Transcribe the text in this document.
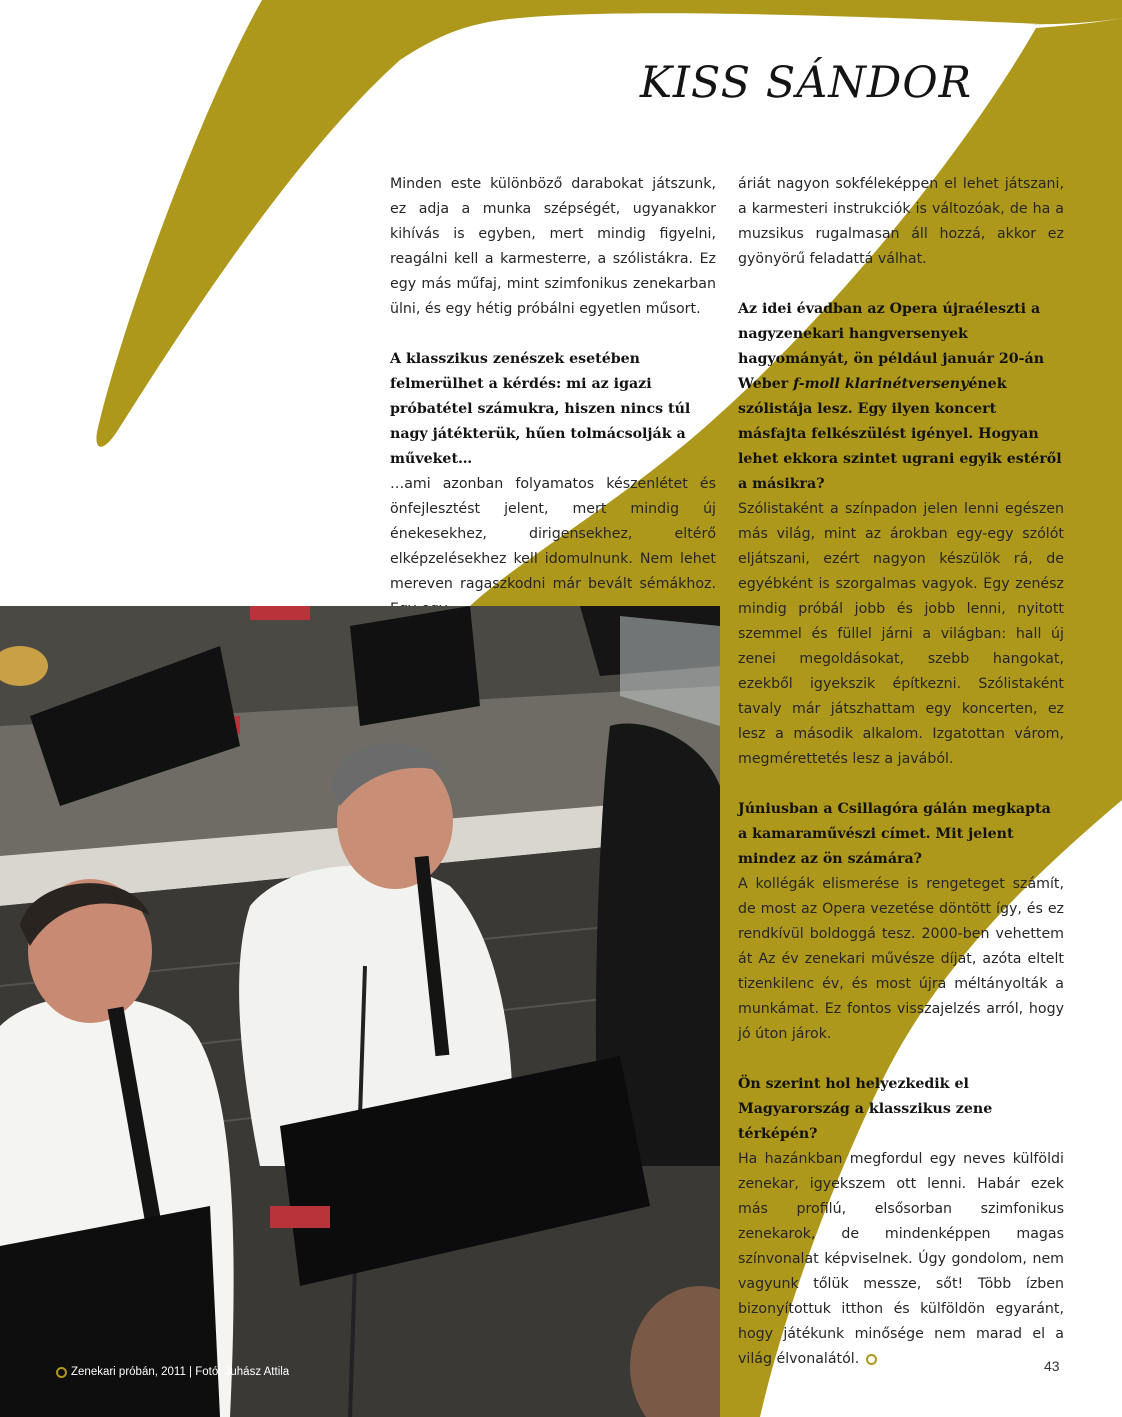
KISS SÁNDOR

Minden este különböző darabokat játszunk, ez adja a munka szépségét, ugyanakkor kihívás is egyben, mert mindig figyelni, reagálni kell a karmesterre, a szólistákra. Ez egy más műfaj, mint szimfonikus zenekarban ülni, és egy hétig próbálni egyetlen műsort.

A klasszikus zenészek esetében felmerülhet a kérdés: mi az igazi próbatétel számukra, hiszen nincs túl nagy játékterük, hűen tolmácsolják a műveket…

…ami azonban folyamatos készenlétet és önfejlesztést jelent, mert mindig új énekesekhez, dirigensekhez, eltérő elképzelésekhez kell idomulnunk. Nem lehet mereven ragaszkodni már bevált sémákhoz.

áriát nagyon sokféleképpen el lehet játszani, a karmesteri instrukciók is változóak, de ha a muzsikus rugalmasan áll hozzá, akkor ez gyönyörű feladattá válhat.

Az idei évadban az Opera újraéleszti a nagyzenekari hangversenyek hagyományát, ön például január 20-án Weber f-moll klarinétversenyének szólistája lesz. Egy ilyen koncert másfajta felkészülést igényel. Hogyan lehet ekkora szintet ugrani egyik estéről a másikra?

Szólistaként a színpadon jelen lenni egészen más világ, mint az árokban egy-egy szólót eljátszani, ezért nagyon készülök rá, de egyébként is szorgalmas vagyok. Egy zenész mindig próbál jobb és jobb lenni, nyitott szemmel és füllel járni a világban: hall új zenei megoldásokat, szebb hangokat, ezekből igyekszik építkezni. Szólistaként tavaly már játszhattam egy koncerten, ez lesz a második alkalom. Izgatottan várom, megmérettetés lesz a javából.

Júniusban a Csillagóra gálán megkapta a kamaraművészi címet. Mit jelent mindez az ön számára?

A kollégák elismerése is rengeteget számít, de most az Opera vezetése döntött így, és ez rendkívül boldoggá tesz. 2000-ben vehettem át Az év zenekari művésze díjat, azóta eltelt tizenkilenc év, és most újra méltányolták a munkámat. Ez fontos visszajelzés arról, hogy jó úton járok.

Ön szerint hol helyezkedik el Magyarország a klasszikus zene térképén?

Ha hazánkban megfordul egy neves külföldi zenekar, igyekszem ott lenni. Habár ezek más profilú, elsősorban szimfonikus zenekarok, de mindenképpen magas színvonalat képviselnek. Úgy gondolom, nem vagyunk tőlük messze, sőt! Több ízben bizonyítottuk itthon és külföldön egyaránt, hogy játékunk minősége nem marad el a világ élvonalától.

Zenekari próbán, 2011 | Fotó: Juhász Attila	43
